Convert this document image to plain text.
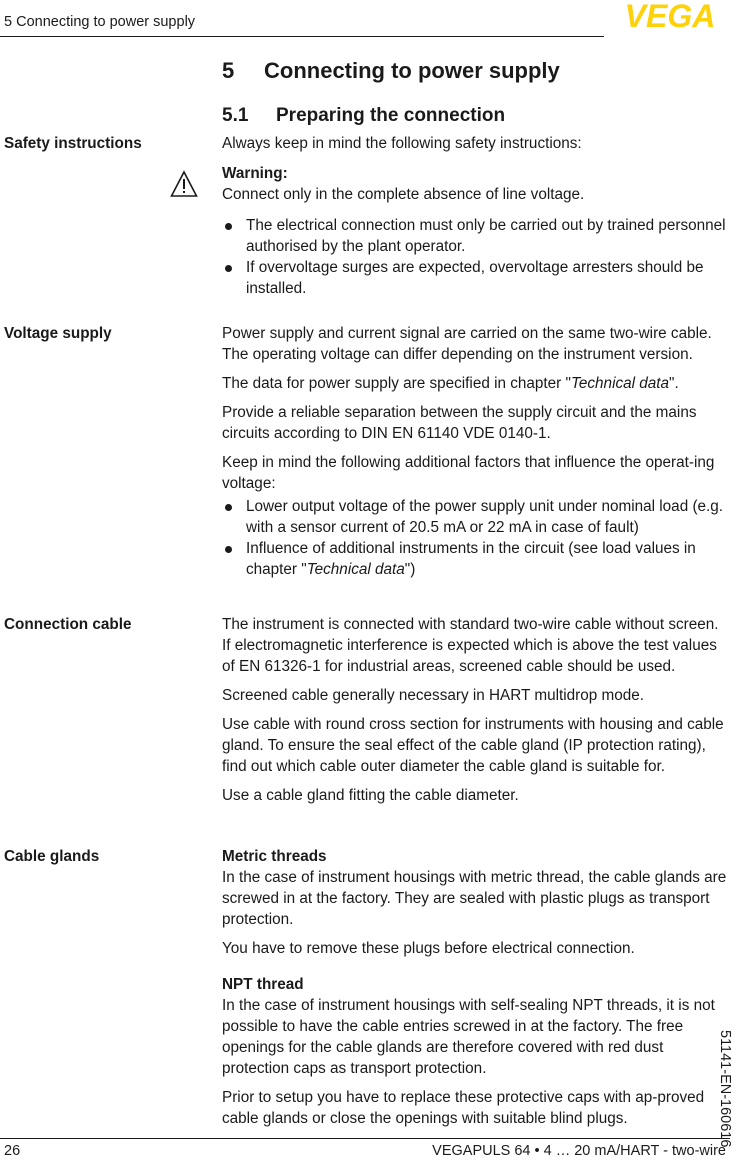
5 Connecting to power supply	VEGA
5 Connecting to power supply
5.1 Preparing the connection
Safety instructions	Always keep in mind the following safety instructions:

Warning:

Connect only in the complete absence of line voltage.

The electrical connection must only be carried out by trained personnel authorised by the plant operator.
If overvoltage surges are expected, overvoltage arresters should be installed.
Voltage supply	Power supply and current signal are carried on the same two-wire cable. The operating voltage can differ depending on the instrument version.

The data for power supply are specified in chapter "Technical data".

Provide a reliable separation between the supply circuit and the mains circuits according to DIN EN 61140 VDE 0140-1.

Keep in mind the following additional factors that influence the operat-ing voltage:

Lower output voltage of the power supply unit under nominal load (e.g. with a sensor current of 20.5 mA or 22 mA in case of fault)
Influence of additional instruments in the circuit (see load values in chapter "Technical data")
Connection cable	The instrument is connected with standard two-wire cable without screen. If electromagnetic interference is expected which is above the test values of EN 61326-1 for industrial areas, screened cable should be used.

Screened cable generally necessary in HART multidrop mode.

Use cable with round cross section for instruments with housing and cable gland. To ensure the seal effect of the cable gland (IP protection rating), find out which cable outer diameter the cable gland is suitable for.

Use a cable gland fitting the cable diameter.

Cable glands	Metric threads

In the case of instrument housings with metric thread, the cable glands are screwed in at the factory. They are sealed with plastic plugs as transport protection.

You have to remove these plugs before electrical connection.

NPT thread

In the case of instrument housings with self-sealing NPT threads, it is not possible to have the cable entries screwed in at the factory. The free openings for the cable glands are therefore covered with red dust protection caps as transport protection.

Prior to setup you have to replace these protective caps with ap-proved cable glands or close the openings with suitable blind plugs.

26	VEGAPULS 64 • 4 … 20 mA/HART - two-wire
51141-EN-160616
